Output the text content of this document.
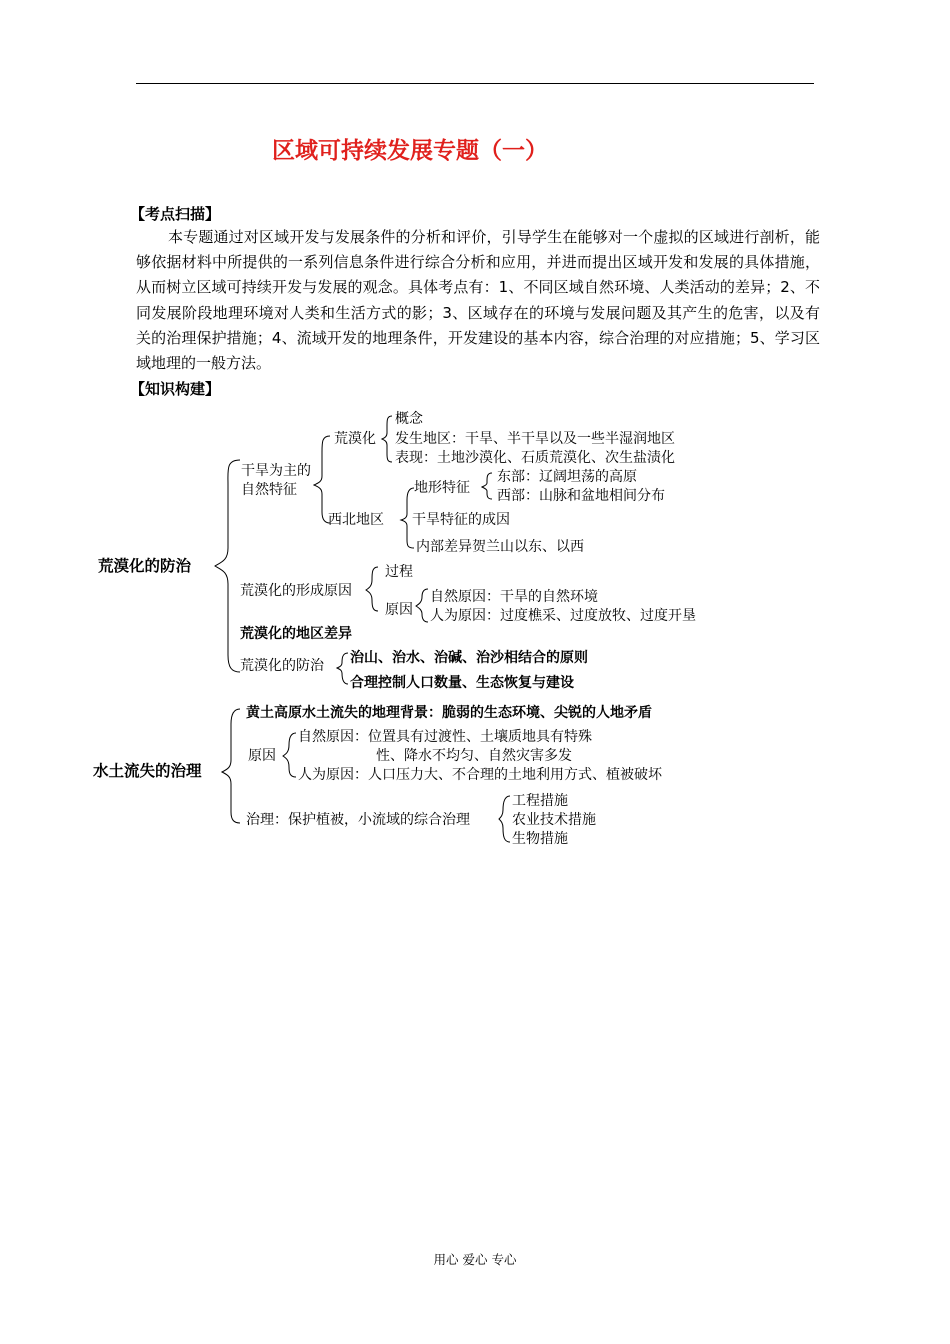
区域可持续发展专题（一）
【考点扫描】
本专题通过对区域开发与发展条件的分析和评价，引导学生在能够对一个虚拟的区域进行剖析，能够依据材料中所提供的一系列信息条件进行综合分析和应用，并进而提出区域开发和发展的具体措施，从而树立区域可持续开发与发展的观念。具体考点有：1、不同区域自然环境、人类活动的差异；2、不同发展阶段地理环境对人类和生活方式的影；3、区域存在的环境与发展问题及其产生的危害，以及有关的治理保护措施；4、流域开发的地理条件，开发建设的基本内容，综合治理的对应措施；5、学习区域地理的一般方法。
【知识构建】
荒漠化的防治
干旱为主的
自然特征
荒漠化
概念
发生地区：干旱、半干旱以及一些半湿润地区
表现：土地沙漠化、石质荒漠化、次生盐渍化
西北地区
地形特征
东部：辽阔坦荡的高原
西部：山脉和盆地相间分布
干旱特征的成因
内部差异贺兰山以东、以西
荒漠化的形成原因
过程
原因
自然原因：干旱的自然环境
人为原因：过度樵采、过度放牧、过度开垦
荒漠化的地区差异
荒漠化的防治 治山、治水、治碱、治沙相结合的原则
合理控制人口数量、生态恢复与建设
水土流失的治理
黄土高原水土流失的地理背景：脆弱的生态环境、尖锐的人地矛盾
原因
自然原因：位置具有过渡性、土壤质地具有特殊
性、降水不均匀、自然灾害多发
人为原因：人口压力大、不合理的土地利用方式、植被破坏
治理：保护植被，小流域的综合治理
工程措施
农业技术措施
生物措施
用心 爱心 专心
